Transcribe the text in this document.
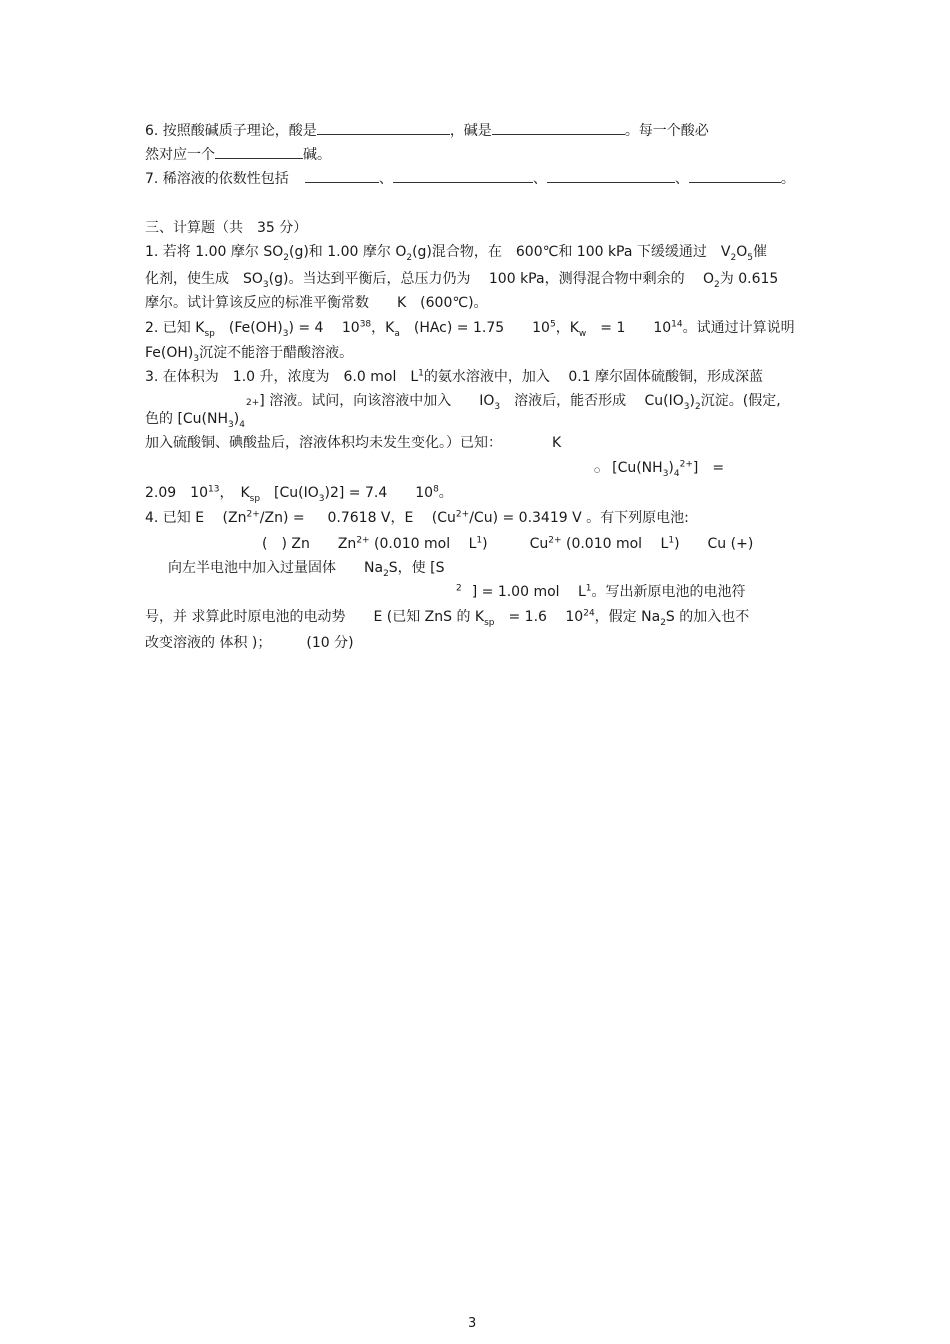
6. 按照酸碱质子理论，酸是	，碱是	。每一个酸必
然对应一个	碱。
7. 稀溶液的依数性包括	、	、	、	。
三、计算题（共　35 分）
1. 若将 1.00 摩尔 $SO_2(g)$和 1.00 摩尔 $O_2(g)$混合物，在　600℃和 100 kPa 下缓缓通过　$V_2O_5$催
化剂，使生成　$SO_3(g)$。当达到平衡后，总压力仍为　 100 kPa，测得混合物中剩余的　 $O_2$为 0.615
摩尔。试计算该反应的标准平衡常数　　K　(600℃)。
2. 已知 $K_{sp}$　$(Fe(OH)_3) = 4$　 $10^{38}$，$K_a$　(HAc) = 1.75　　$10^5$，$K_w$　= 1　　$10^{14}$。试通过计算说明
$Fe(OH)_3$沉淀不能溶于醋酸溶液。
3. 在体积为　1.0 升，浓度为　6.0 mol　$L^1$的氨水溶液中，加入　 0.1 摩尔固体硫酸铜，形成深蓝
2+] 溶液。试问，向该溶液中加入　　$IO_3$　溶液后，能否形成　 $Cu(IO_3)_2$沉淀。(假定,
色的 [$Cu(NH_3)_4$
加入硫酸铜、碘酸盐后，溶液体积均未发生变化。）已知：	K
○ $[Cu(NH_3)_4^{2+}]$　=
2.09　$10^{13}$，　$K_{sp}$　$[Cu(IO_3)2] = 7.4$　　$10^8$。
4. 已知 E　 $(Zn^{2+}/Zn)$ = 　 0.7618 V，E　 $(Cu^{2+}/Cu) = 0.3419$ V 。有下列原电池:
(　) Zn　　$Zn^{2+}$ (0.010 mol　 $L^1$)　　　$Cu^{2+}$ (0.010 mol　 $L^1$)　　Cu (+)
向左半电池中加入过量固体　　$Na_2S$，使 [S
$^2$ ] = 1.00 mol　 $L^1$。写出新原电池的电池符
号，并 求算此时原电池的电动势　　E (已知 ZnS 的 $K_{sp}$　= 1.6　 $10^{24}$，假定 $Na_2S$ 的加入也不
改变溶液的 体积 )；　　　(10 分)
3
